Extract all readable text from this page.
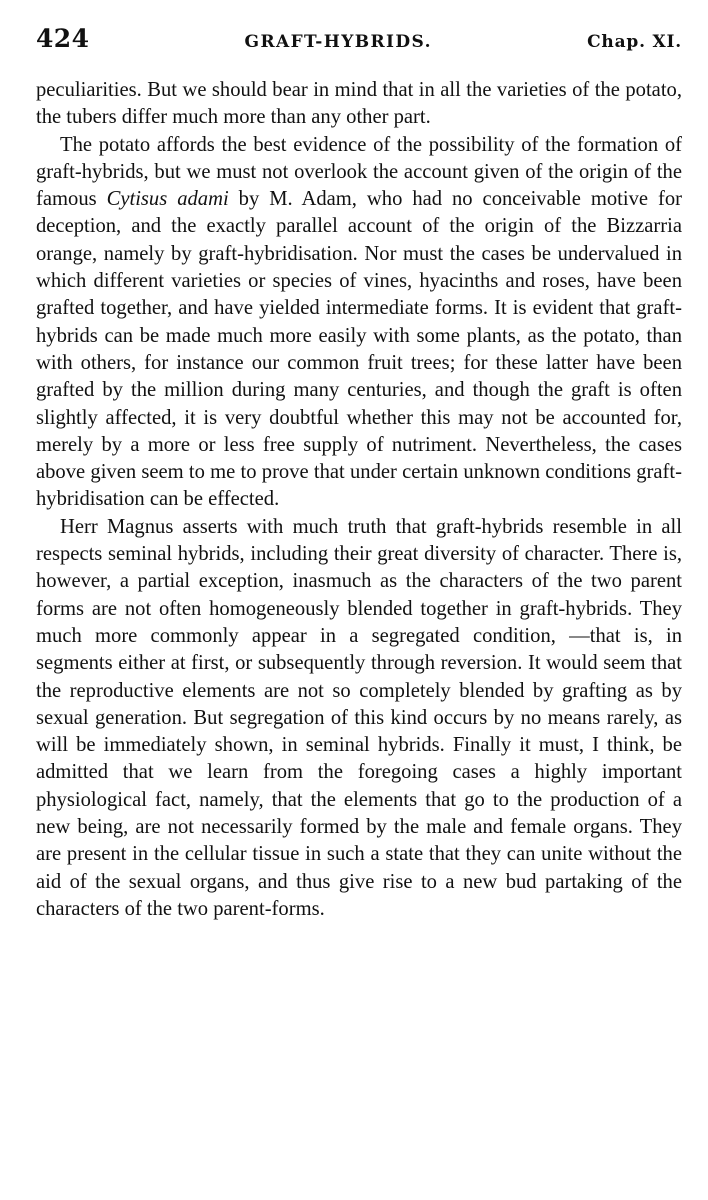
424	GRAFT-HYBRIDS.	Chap. XI.

peculiarities. But we should bear in mind that in all the varieties of the potato, the tubers differ much more than any other part.

The potato affords the best evidence of the possibility of the formation of graft-hybrids, but we must not overlook the account given of the origin of the famous Cytisus adami by M. Adam, who had no conceivable motive for deception, and the exactly parallel account of the origin of the Bizzarria orange, namely by graft-hybridisation. Nor must the cases be undervalued in which different varieties or species of vines, hyacinths and roses, have been grafted together, and have yielded intermediate forms. It is evident that graft-hybrids can be made much more easily with some plants, as the potato, than with others, for instance our common fruit trees; for these latter have been grafted by the million during many centuries, and though the graft is often slightly affected, it is very doubtful whether this may not be accounted for, merely by a more or less free supply of nutriment. Nevertheless, the cases above given seem to me to prove that under certain unknown conditions graft-hybridisation can be effected.

Herr Magnus asserts with much truth that graft-hybrids resemble in all respects seminal hybrids, including their great diversity of character. There is, however, a partial exception, inasmuch as the characters of the two parent forms are not often homogeneously blended together in graft-hybrids. They much more commonly appear in a segregated condition, —that is, in segments either at first, or subsequently through reversion. It would seem that the reproductive elements are not so completely blended by grafting as by sexual generation. But segregation of this kind occurs by no means rarely, as will be immediately shown, in seminal hybrids. Finally it must, I think, be admitted that we learn from the foregoing cases a highly important physiological fact, namely, that the elements that go to the production of a new being, are not necessarily formed by the male and female organs. They are present in the cellular tissue in such a state that they can unite without the aid of the sexual organs, and thus give rise to a new bud partaking of the characters of the two parent-forms.
